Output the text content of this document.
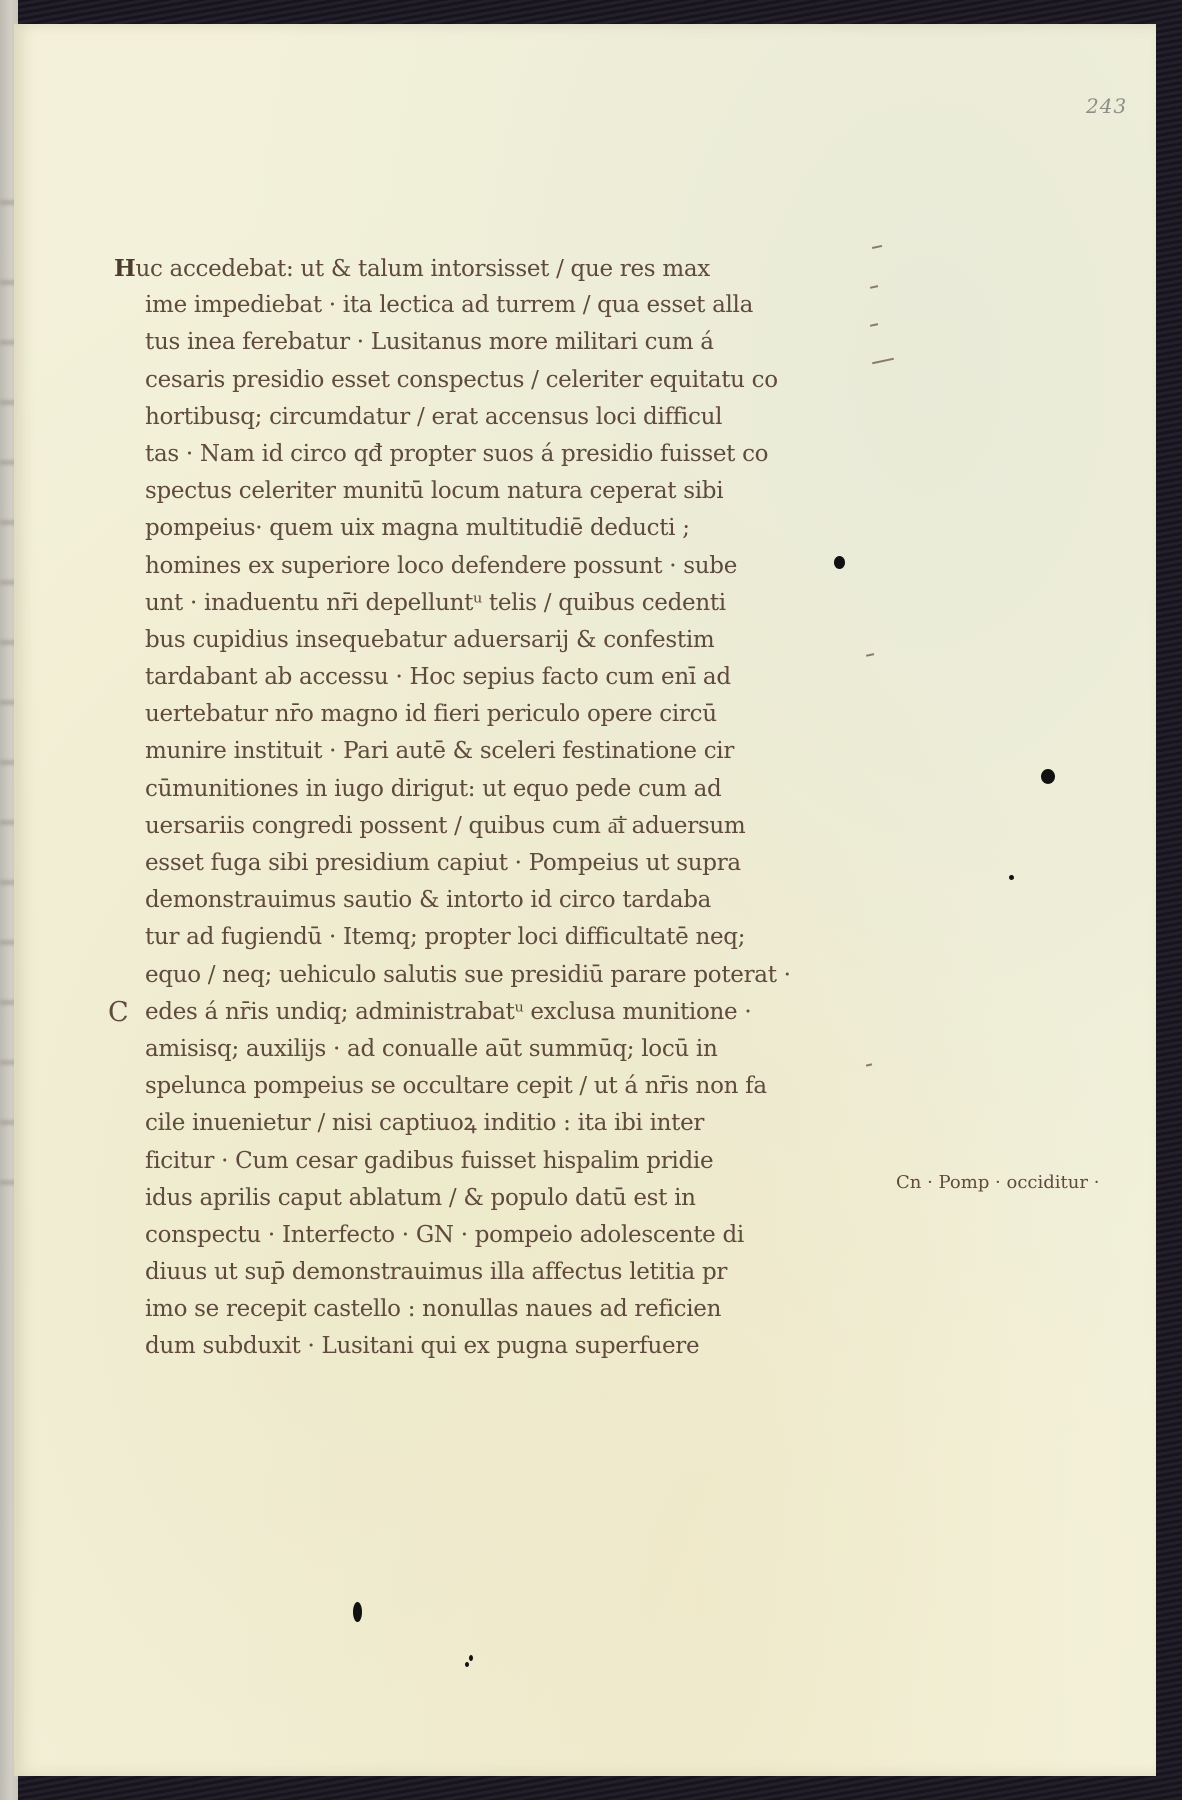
243
Huc accedebat: ut & talum intorsisset / que res max
ime impediebat · ita lectica ad turrem / qua esset alla
tus inea ferebatur · Lusitanus more militari cum á
cesaris presidio esset conspectus / celeriter equitatu co
hortibusq; circumdatur / erat accensus loci difficul
tas · Nam id circo qđ propter suos á presidio fuisset co
spectus celeriter munitū locum natura ceperat sibi
pompeius· quem uix magna multitudiē deducti ;
homines ex superiore loco defendere possunt · sube
unt · inaduentu nr̄i depelluntᵘ telis / quibus cedenti
bus cupidius insequebatur aduersarij & confestim
tardabant ab accessu · Hoc sepius facto cum enī ad
uertebatur nr̄o magno id fieri periculo opere circū
munire instituit · Pari autē & sceleri festinatione cir
cūmunitiones in iugo dirigut: ut equo pede cum ad
uersariis congredi possent / quibus cum a͞i aduersum
esset fuga sibi presidium capiut · Pompeius ut supra
demonstrauimus sautio & intorto id circo tardaba
tur ad fugiendū · Itemq; propter loci difficultatē neq;
equo / neq; uehiculo salutis sue presidiū parare poterat ·
C edes á nr̄is undiq; administrabatᵘ exclusa munitione ·
amisisq; auxilijs · ad conualle aūt summūq; locū in
spelunca pompeius se occultare cepit / ut á nr̄is non fa
cile inuenietur / nisi captiuoꝝ inditio : ita ibi inter
ficitur · Cum cesar gadibus fuisset hispalim pridie
idus aprilis caput ablatum / & populo datū est in
conspectu · Interfecto · GN · pompeio adolescente di
diuus ut sup̄ demonstrauimus illa affectus letitia pr
imo se recepit castello : nonullas naues ad reficien
dum subduxit · Lusitani qui ex pugna superfuere
Cn · Pomp · occiditur ·
